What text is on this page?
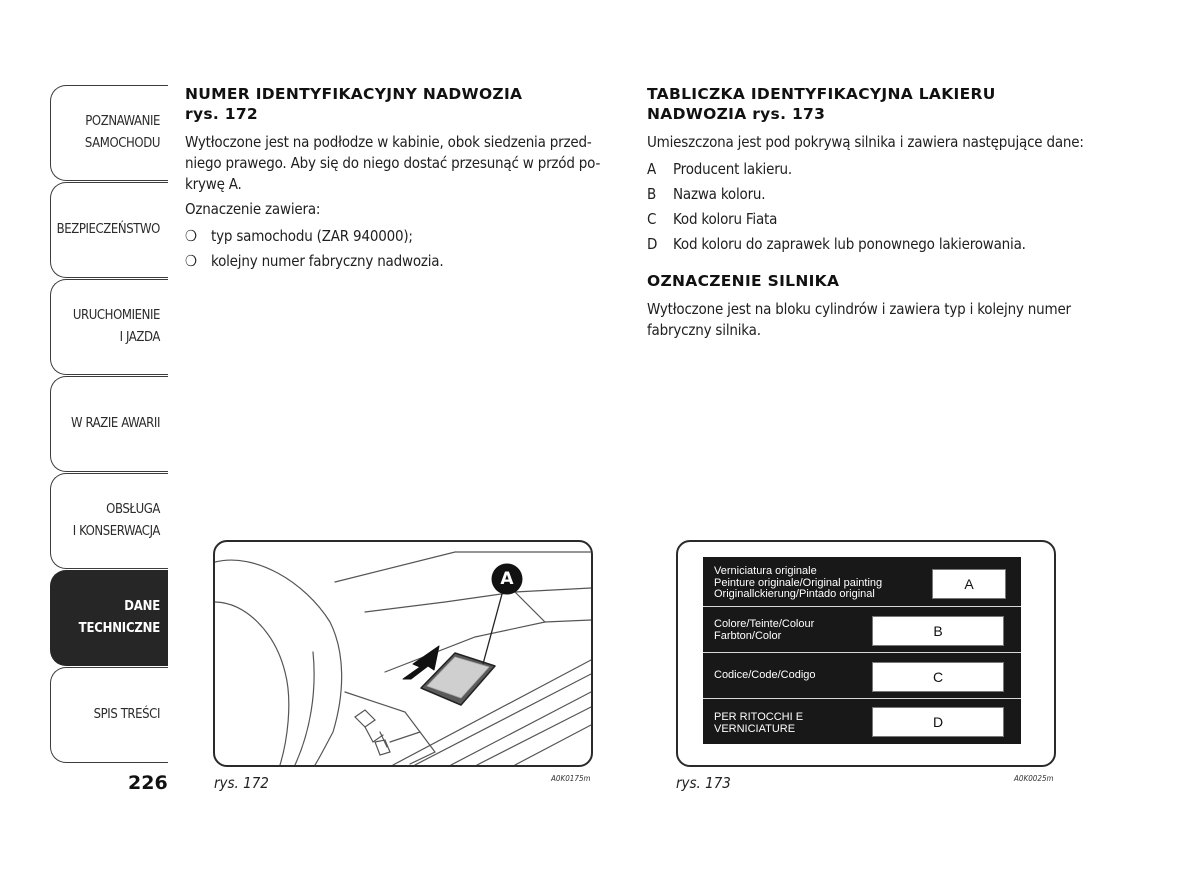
POZNAWANIE
SAMOCHODU
BEZPIECZEŃSTWO
URUCHOMIENIE
I JAZDA
W RAZIE AWARII
OBSŁUGA
I KONSERWACJA
DANE
TECHNICZNE
SPIS TREŚCI
226
NUMER IDENTYFIKACYJNY NADWOZIA
rys. 172

Wytłoczone jest na podłodze w kabinie, obok siedzenia przed-
niego prawego. Aby się do niego dostać przesunąć w przód po-
krywę A.

Oznaczenie zawiera:

❍ typ samochodu (ZAR 940000);
❍ kolejny numer fabryczny nadwozia.
TABLICZKA IDENTYFIKACYJNA LAKIERU
NADWOZIA rys. 173

Umieszczona jest pod pokrywą silnika i zawiera następujące dane:

A	Producent lakieru.
B	Nazwa koloru.
C	Kod koloru Fiata
D	Kod koloru do zaprawek lub ponownego lakierowania.
OZNACZENIE SILNIKA

Wytłoczone jest na bloku cylindrów i zawiera typ i kolejny numer
fabryczny silnika.

A
rys. 172	A0K0175m
Verniciatura originale
Peinture originale/Original painting
Originallckierung/Pintado original
A
Colore/Teinte/Colour
Farbton/Color	B
Codice/Code/Codigo	C
PER RITOCCHI E
VERNICIATURE	D
rys. 173	A0K0025m
